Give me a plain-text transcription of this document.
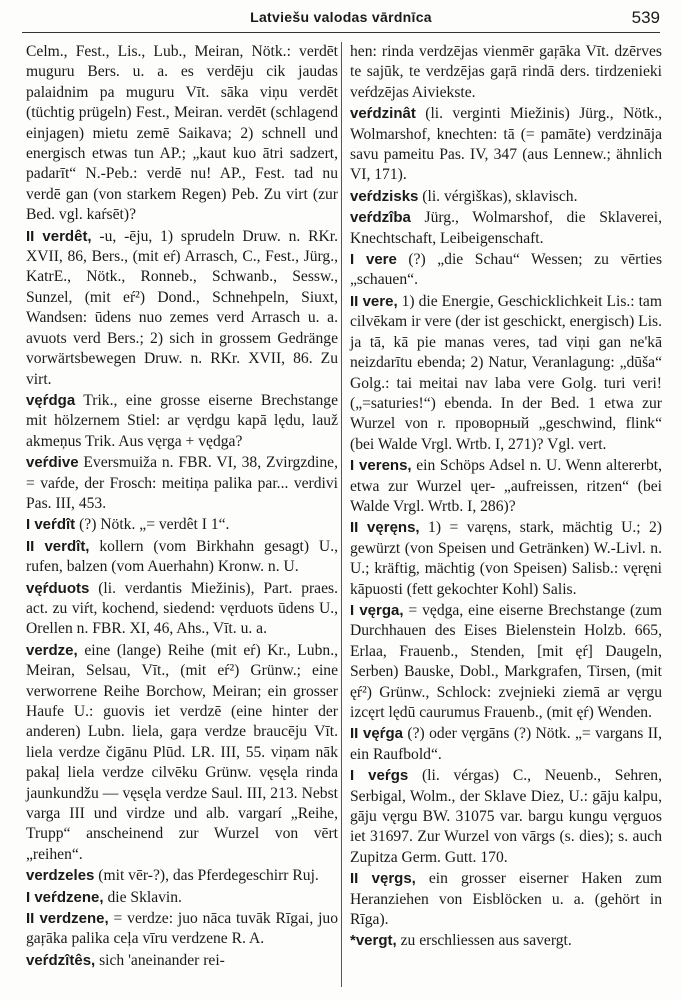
Latviešu valodas vārdnīca	539

Celm., Fest., Lis., Lub., Meiran, Nötk.: verdēt muguru Bers. u. a. es verdēju cik jaudas palaidnim pa muguru Vīt. sāka viņu verdēt (tüchtig prügeln) Fest., Meiran. verdēt (schlagend einjagen) mietu zemē Saikava; 2) schnell und energisch etwas tun AP.; „kaut kuo ātri sadzert, padarīt“ N.-Peb.: verdē nu! AP., Fest. tad nu verdē gan (von starkem Regen) Peb. Zu virt (zur Bed. vgl. kaŕsēt)?

II verdêt, -u, -ēju, 1) sprudeln Druw. n. RKr. XVII, 86, Bers., (mit eŕ) Arrasch, C., Fest., Jürg., KatrE., Nötk., Ronneb., Schwanb., Sessw., Sunzel, (mit eŕ²) Dond., Schnehpeln, Siuxt, Wandsen: ūdens nuo zemes verd Arrasch u. a. avuots verd Bers.; 2) sich in grossem Gedränge vorwärtsbewegen Druw. n. RKr. XVII, 86. Zu virt.

vęŕdga Trik., eine grosse eiserne Brechstange mit hölzernem Stiel: ar vęrdgu kapā lędu, lauž akmeņus Trik. Aus vęrga + vędga?

veŕdive Eversmuiža n. FBR. VI, 38, Zvirgzdine, = vaŕde, der Frosch: meitiņa palika par... verdivi Pas. III, 453.

I veŕdît (?) Nötk. „= verdêt I 1“.

II verdît, kollern (vom Birkhahn gesagt) U., rufen, balzen (vom Auerhahn) Kronw. n. U.

vęŕduots (li. verdantis Miežinis), Part. praes. act. zu viŕt, kochend, siedend: vęrduots ūdens U., Orellen n. FBR. XI, 46, Ahs., Vīt. u. a.

verdze, eine (lange) Reihe (mit eŕ) Kr., Lubn., Meiran, Selsau, Vīt., (mit eŕ²) Grünw.; eine verworrene Reihe Borchow, Meiran; ein grosser Haufe U.: guovis iet verdzē (eine hinter der anderen) Lubn. liela, gaŗa verdze braucēju Vīt. liela verdze čigānu Plūd. LR. III, 55. viņam nāk pakaļ liela verdze cilvēku Grünw. vęsęla rinda jaunkundžu — vęsęla verdze Saul. III, 213. Nebst varga III und virdze und alb. vargarí „Reihe, Trupp“ anscheinend zur Wurzel von vērt „reihen“.

verdzeles (mit vēr-?), das Pferdegeschirr Ruj.

I veŕdzene, die Sklavin.

II verdzene, = verdze: juo nāca tuvāk Rīgai, juo gaŗāka palika ceļa vīru verdzene R. A.

veŕdzîtês, sich 'aneinander rei-

hen: rinda verdzējas vienmēr gaŗāka Vīt. dzērves te sajūk, te verdzējas gaŗā rindā ders. tirdzenieki veŕdzējas Aiviekste.

veŕdzinât (li. verginti Miežinis) Jürg., Nötk., Wolmarshof, knechten: tā (= pamāte) verdzināja savu pameitu Pas. IV, 347 (aus Lennew.; ähnlich VI, 171).

veŕdzisks (li. vérgiškas), sklavisch.

veŕdzîba Jürg., Wolmarshof, die Sklaverei, Knechtschaft, Leibeigenschaft.

I vere (?) „die Schau“ Wessen; zu vērties „schauen“.

II vere, 1) die Energie, Geschicklichkeit Lis.: tam cilvēkam ir vere (der ist geschickt, energisch) Lis. ja tā, kā pie manas veres, tad viņi gan ne'kā neizdarītu ebenda; 2) Natur, Veranlagung: „dūša“ Golg.: tai meitai nav laba vere Golg. turi veri! („=saturies!“) ebenda. In der Bed. 1 etwa zur Wurzel von r. проворный „geschwind, flink“ (bei Walde Vrgl. Wrtb. I, 271)? Vgl. vert.

I verens, ein Schöps Adsel n. U. Wenn altererbt, etwa zur Wurzel ųer- „aufreissen, ritzen“ (bei Walde Vrgl. Wrtb. I, 286)?

II vęręns, 1) = varęns, stark, mächtig U.; 2) gewürzt (von Speisen und Getränken) W.-Livl. n. U.; kräftig, mächtig (von Speisen) Salisb.: vęręni kāpuosti (fett gekochter Kohl) Salis.

I vęrga, = vędga, eine eiserne Brechstange (zum Durchhauen des Eises Bielenstein Holzb. 665, Erlaa, Frauenb., Stenden, [mit ęŕ] Daugeln, Serben) Bauske, Dobl., Markgrafen, Tirsen, (mit ęŕ²) Grünw., Schlock: zvejnieki ziemā ar vęrgu izcęrt lędū caurumus Frauenb., (mit ęŕ) Wenden.

II vęŕga (?) oder vęrgāns (?) Nötk. „= vargans II, ein Raufbold“.

I veŕgs (li. vérgas) C., Neuenb., Sehren, Serbigal, Wolm., der Sklave Diez, U.: gāju kalpu, gāju vęrgu BW. 31075 var. bargu kungu vęrguos iet 31697. Zur Wurzel von vārgs (s. dies); s. auch Zupitza Germ. Gutt. 170.

II vęrgs, ein grosser eiserner Haken zum Heranziehen von Eisblöcken u. a. (gehört in Rīga).

*vergt, zu erschliessen aus savergt.
